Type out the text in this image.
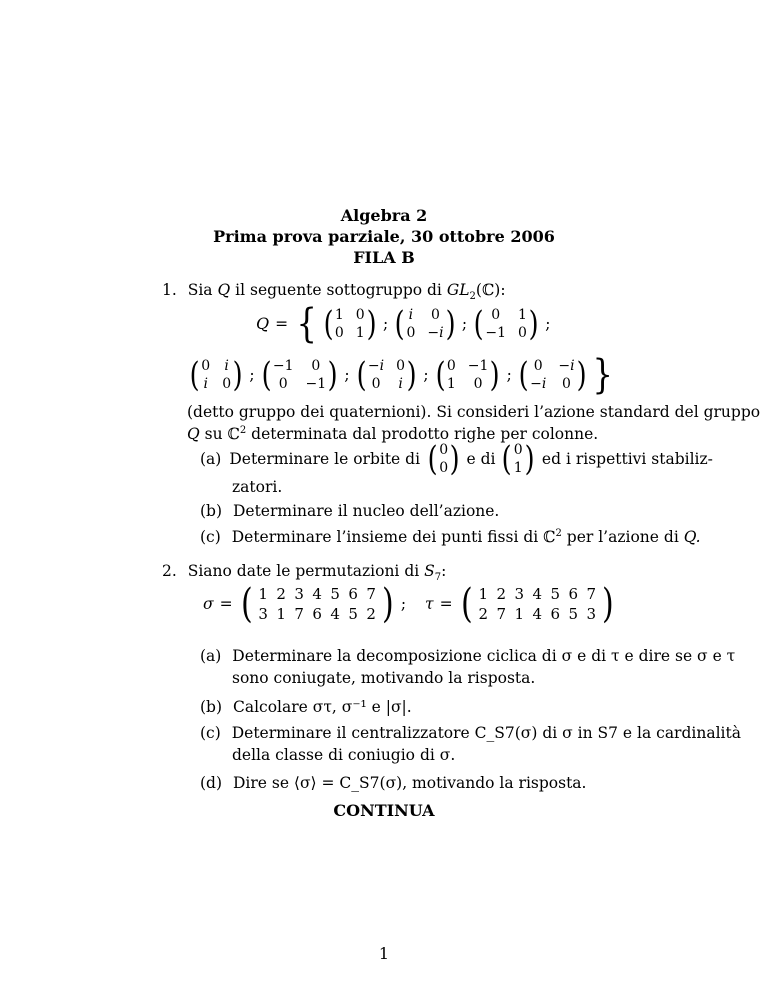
Algebra 2
Prima prova parziale, 30 ottobre 2006
FILA B
1. Sia Q il seguente sottogruppo di $GL_2(ℂ)$:
Q = { ( 1 0
0 1 ) ; ( i 0
0 −i ) ; ( 0	1
−1 0 ) ;
( 0 i
i 0 ) ; ( −1	0
0	−1 ) ; ( −i 0
0 i ) ; ( 0 −1
1	0 ) ; ( 0 −i
−i 0 ) }
(detto gruppo dei quaternioni). Si consideri l’azione standard del gruppo
Q su ℂ$^2$ determinata dal prodotto righe per colonne.
(a) Determinare le orbite di ( 0
0 ) e di ( 0
1 ) ed i rispettivi stabiliz-
zatori.
(b) Determinare il nucleo dell’azione.
(c) Determinare l’insieme dei punti fissi di ℂ$^2$ per l’azione di Q.
2. Siano date le permutazioni di $S_7$:
σ = ( 1 2 3 4 5 6 7
3 1 7 6 4 5 2 ) ; τ = ( 1 2 3 4 5 6 7
2 7 1 4 6 5 3 )
(a) Determinare la decomposizione ciclica di σ e di τ e dire se σ e τ
sono coniugate, motivando la risposta.
(b) Calcolare στ, σ⁻¹ e |σ|.
(c) Determinare il centralizzatore C_S7(σ) di σ in S7 e la cardinalità
della classe di coniugio di σ.
(d) Dire se ⟨σ⟩ = C_S7(σ), motivando la risposta.
CONTINUA
1
